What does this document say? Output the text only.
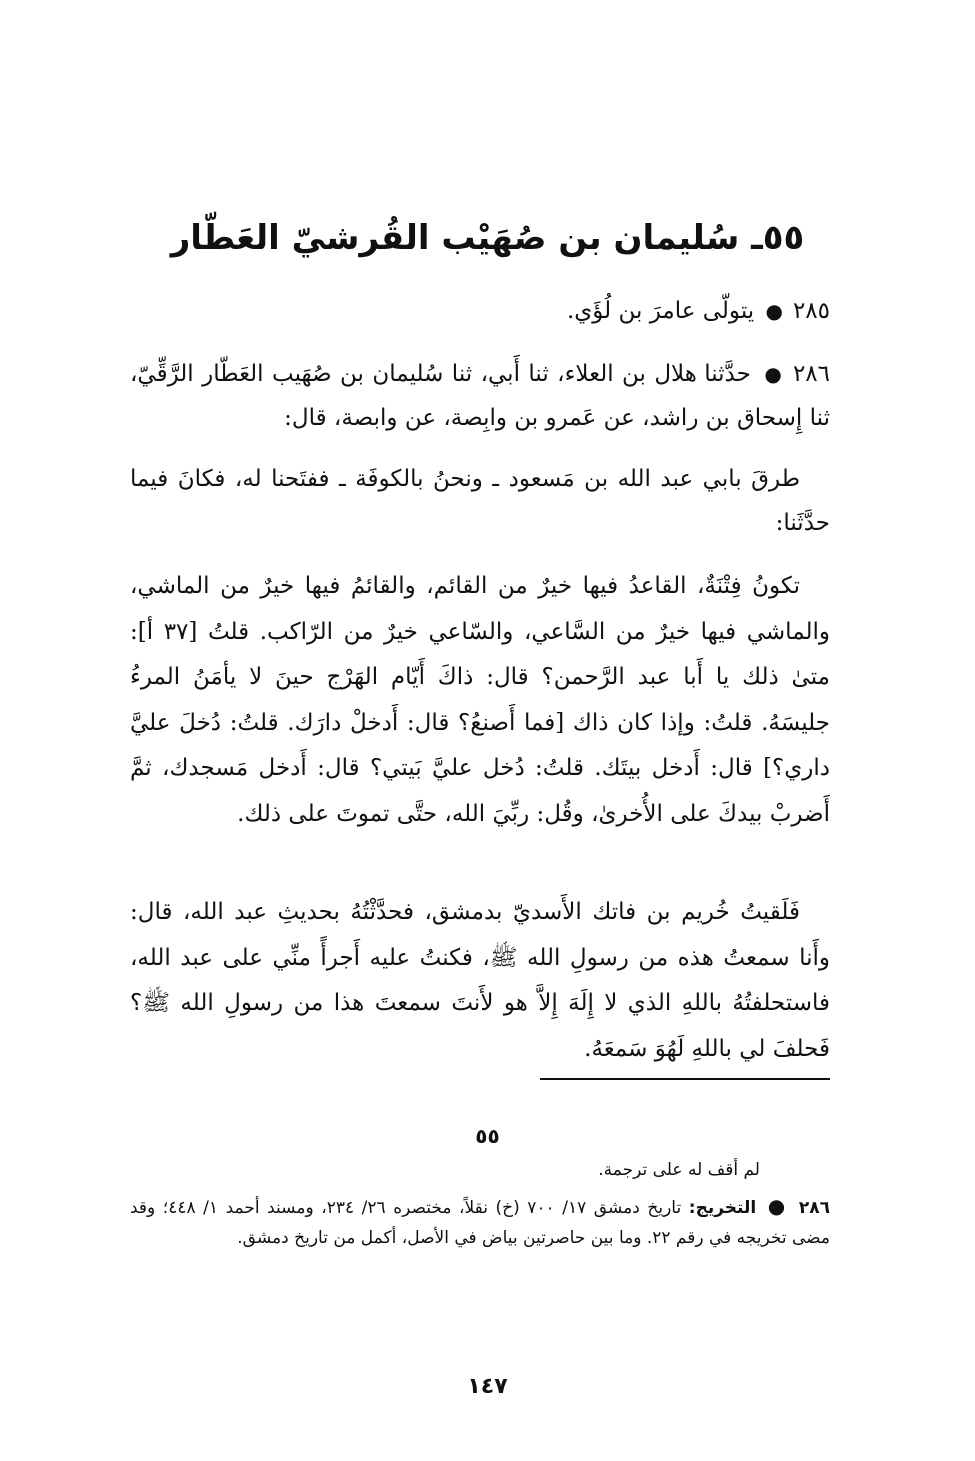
٥٥ـ سُليمان بن صُهَيْب القُرشيّ العَطّار

٢٨٥● يتولّى عامرَ بن لُؤَي.

٢٨٦● حدَّثنا هلال بن العلاء، ثنا أَبي، ثنا سُليمان بن صُهَيب العَطّار الرَّقِّيّ، ثنا إِسحاق بن راشد، عن عَمرو بن وابِصة، عن وابصة، قال:

طرقَ بابي عبد الله بن مَسعود ـ ونحنُ بالكوفَة ـ ففتَحنا له، فكانَ فيما حدَّثَنا:

تكونُ فِتْنَةٌ، القاعدُ فيها خيرٌ من القائم، والقائمُ فيها خيرٌ من الماشي، والماشي فيها خيرٌ من السَّاعي، والسّاعي خيرٌ من الرّاكب. قلتُ [٣٧ أ]: متىٰ ذلك يا أَبا عبد الرَّحمن؟ قال: ذاكَ أَيّام الهَرْج حينَ لا يأمَنُ المرءُ جليسَهُ. قلتُ: وإذا كان ذاك [فما أَصنعُ؟ قال: أَدخلْ دارَك. قلتُ: دُخلَ عليَّ داري؟] قال: أَدخل بيتَك. قلتُ: دُخل عليَّ بَيتي؟ قال: أَدخل مَسجدك، ثمَّ أَضربْ بيدكَ على الأُخرىٰ، وقُل: ربِّيَ الله، حتَّى تموتَ على ذلك.

فَلَقيتُ خُريم بن فاتك الأَسديّ بدمشق، فحدَّثْتُهُ بحديثِ عبد الله، قال: وأَنا سمعتُ هذه من رسولِ الله ﷺ، فكنتُ عليه أَجرأً منِّي على عبد الله، فاستحلفتُهُ باللهِ الذي لا إِلَهَ إِلاَّ هو لأَنتَ سمعتَ هذا من رسولِ الله ﷺ؟ فَحلفَ لي باللهِ لَهُوَ سَمعَهُ.

٥٥

لم أقف له على ترجمة.

٢٨٦ ● التخريج: تاريخ دمشق ١٧/ ٧٠٠ (خ) نقلاً، مختصره ٢٦/ ٢٣٤، ومسند أحمد ١/ ٤٤٨؛ وقد مضى تخريجه في رقم ٢٢. وما بين حاصرتين بياض في الأصل، أكمل من تاريخ دمشق.

١٤٧
